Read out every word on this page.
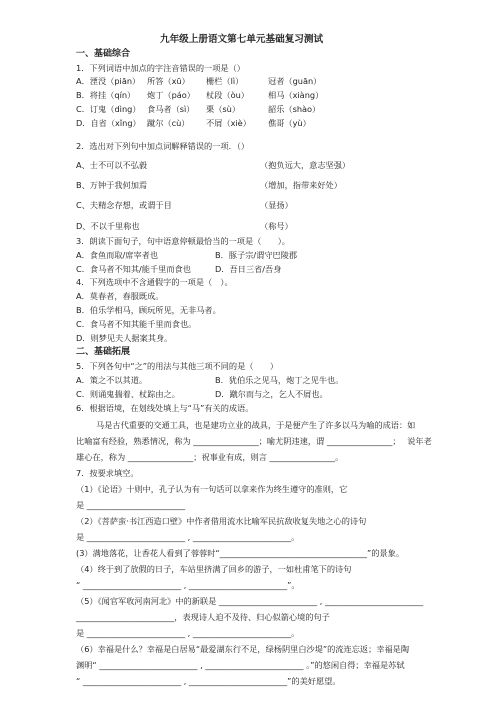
九年级上册语文第七单元基础复习测试
一、基础综合
1．下列词语中加点的字注音错误的一项是（）
A．湮没（piān） 所答（xū） 栅栏（lì）	冠者（guān）
B．将挂（qín） 炮丁（páo） 杖段（òu） 相马（xiàng）
C．订鬼（dìng） 食马者（sì） 栗（sù）	韶乐（shào）
D．自省（xǐng） 蹴尔（cù） 不屑（xiè） 僬哥（yù）
2．选出对下列句中加点词解释错误的一项．（）
A、士不可以不弘毅	（抱负远大，意志坚强）
B、万钟于我何加焉	（增加，指带来好处）
C、夫精念存想，或谓于目	（显扬）
D、不以千里称也	（称号）
3．朗读下面句子，句中语意停顿最恰当的一项是（　　）。
A．食鱼而取/席宰者也	B．豚子宗/谓守巴陵郡
C．食马者不知其/能千里而食也	D．吾日三省/吾身
4．下列选项中不含通假字的一项是（　）。
A．莫春者，春服既成。
B．伯乐学相马，顾玩所见，无非马者。
C．食马者不知其能千里而食也。
D．则梦见夫人据案其身。
二、基础拓展
5．下列各句中“之”的用法与其他三项不同的是（　　）
A．策之不以其道。	B．犹伯乐之见马，炮丁之见牛也。
C．则诵鬼揣着、杖踪由之。	D．蹴尔而与之，乞人不屑也。
6．根据语境，在划线处填上与“马”有关的成语。
马是古代重要的交通工具，也是建功立业的战具，于是便产生了许多以马为喻的成语：如
比喻富有经验，熟悉情况，称为 ________________；喻尤阴违速，谓 ________________；　 说年老
雄心在，称为 ________________；祝事业有成，则言 ________________。
7．按要求填空。
（1）《论语》十则中，孔子认为有一句话可以拿来作为终生遵守的准则，它
是 ________________________
（2）《菩萨蛮·书江西造口壁》中作者借用流水比喻军民抗敌收复失地之心的诗句
是 ________________________ , ________________________。
(3）满地落花，让香花人看到了蓉蓉时“____________________________________”的景象。
（4）终于到了放假的日子，车站里挤满了回乡的游子，一如杜甫笔下的诗句
“ ________________________ , ________________________”。
（5）《闻官军收河南河北》中的新联是 ________________________ , ________________________
________________________，表现诗人迫不及待、归心似箭心境的句子
是 ________________________ , ________________________。
（6）幸福是什么？幸福是白居易“最爱湖东行不足，绿杨阴里白沙堤”的流连忘返；幸福是陶
渊明“ ________________________ , ________________________ 。”的悠闲自得；幸福是苏轼
“ ________________________ , ________________________”的美好愿望。
